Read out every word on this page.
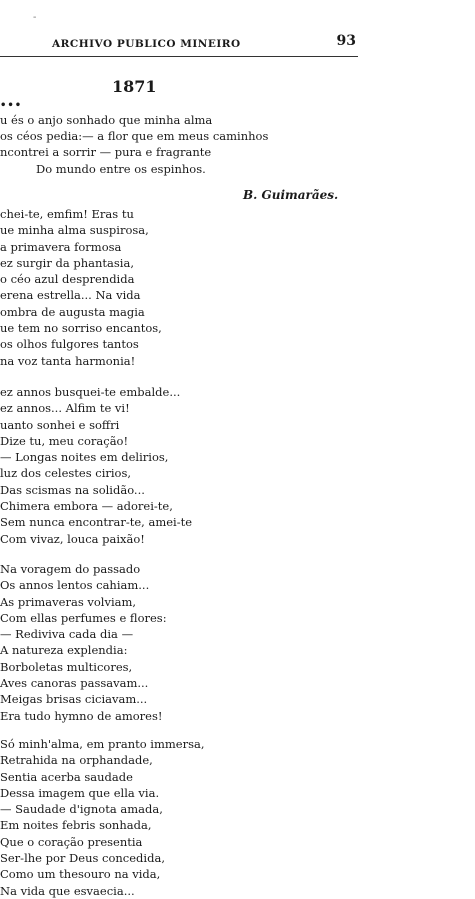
-
ARCHIVO PUBLICO MINEIRO	93
1871
•••
u és o anjo sonhado que minha alma
os céos pedia:— a flor que em meus caminhos
ncontrei a sorrir — pura e fragrante
Do mundo entre os espinhos.
B. Guimarães.
chei-te, emfim! Eras tu
ue minha alma suspirosa,
a primavera formosa
ez surgir da phantasia,
o céo azul desprendida
erena estrella... Na vida
ombra de augusta magia
ue tem no sorriso encantos,
os olhos fulgores tantos
na voz tanta harmonia!
ez annos busquei-te embalde...
ez annos... Alfim te vi!
uanto sonhei e soffri
Dize tu, meu coração!
— Longas noites em delirios,
luz dos celestes cirios,
Das scismas na solidão...
Chimera embora — adorei-te,
Sem nunca encontrar-te, amei-te
Com vivaz, louca paixão!
Na voragem do passado
Os annos lentos cahiam...
As primaveras volviam,
Com ellas perfumes e flores:
— Rediviva cada dia —
A natureza explendia:
Borboletas multicores,
Aves canoras passavam...
Meigas brisas ciciavam...
Era tudo hymno de amores!
Só minh'alma, em pranto immersa,
Retrahida na orphandade,
Sentia acerba saudade
Dessa imagem que ella via.
— Saudade d'ignota amada,
Em noites febris sonhada,
Que o coração presentia
Ser-lhe por Deus concedida,
Como um thesouro na vida,
Na vida que esvaecia...
